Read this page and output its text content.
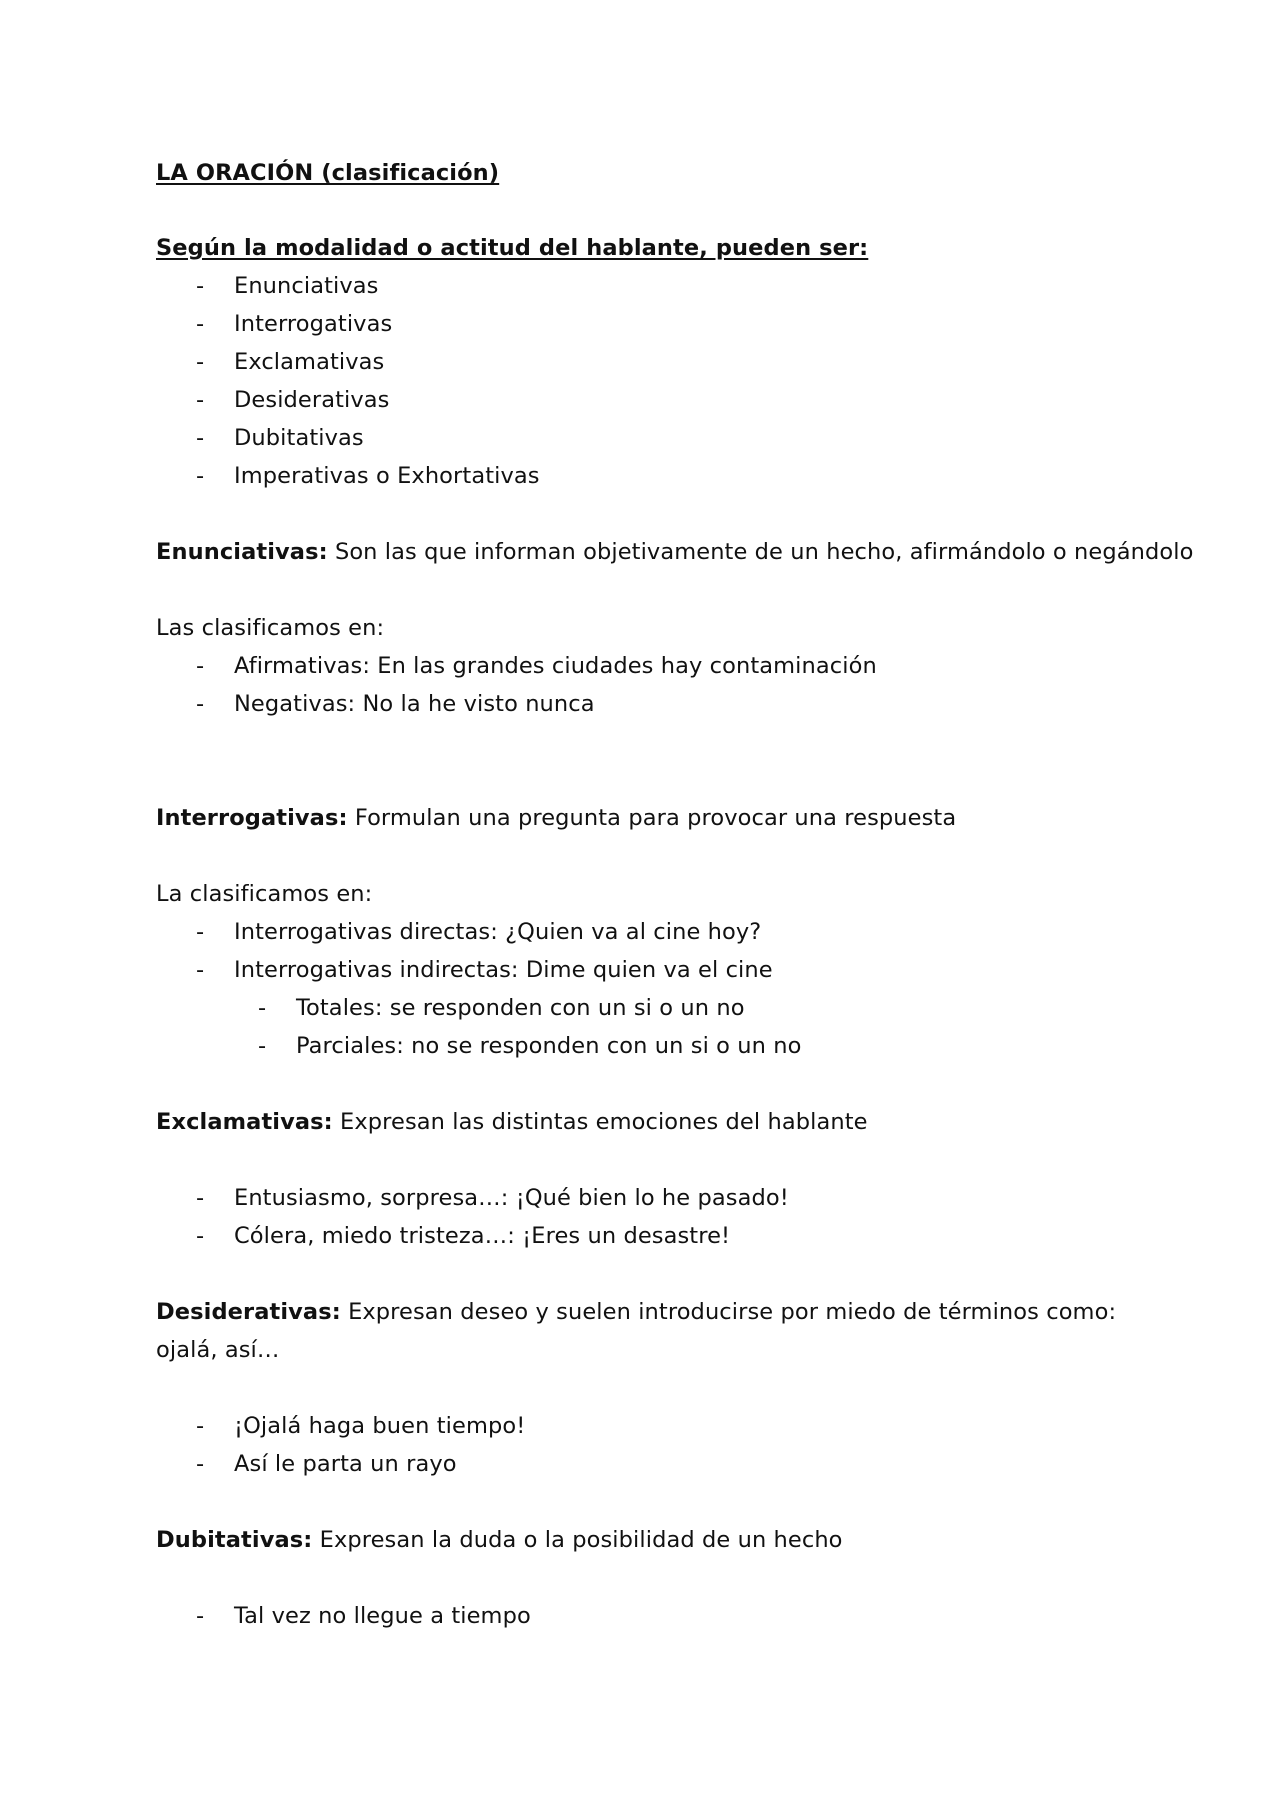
LA ORACIÓN (clasificación)
Según la modalidad o actitud del hablante, pueden ser:
- Enunciativas
- Interrogativas
- Exclamativas
- Desiderativas
- Dubitativas
- Imperativas o Exhortativas
Enunciativas: Son las que informan objetivamente de un hecho, afirmándolo o negándolo
Las clasificamos en:
- Afirmativas: En las grandes ciudades hay contaminación
- Negativas: No la he visto nunca
Interrogativas: Formulan una pregunta para provocar una respuesta
La clasificamos en:
- Interrogativas directas: ¿Quien va al cine hoy?
- Interrogativas indirectas: Dime quien va el cine
- Totales: se responden con un si o un no
- Parciales: no se responden con un si o un no
Exclamativas: Expresan las distintas emociones del hablante
- Entusiasmo, sorpresa…: ¡Qué bien lo he pasado!
- Cólera, miedo tristeza…: ¡Eres un desastre!
Desiderativas: Expresan deseo y suelen introducirse por miedo de términos como:
ojalá, así…
- ¡Ojalá haga buen tiempo!
- Así le parta un rayo
Dubitativas: Expresan la duda o la posibilidad de un hecho
- Tal vez no llegue a tiempo
